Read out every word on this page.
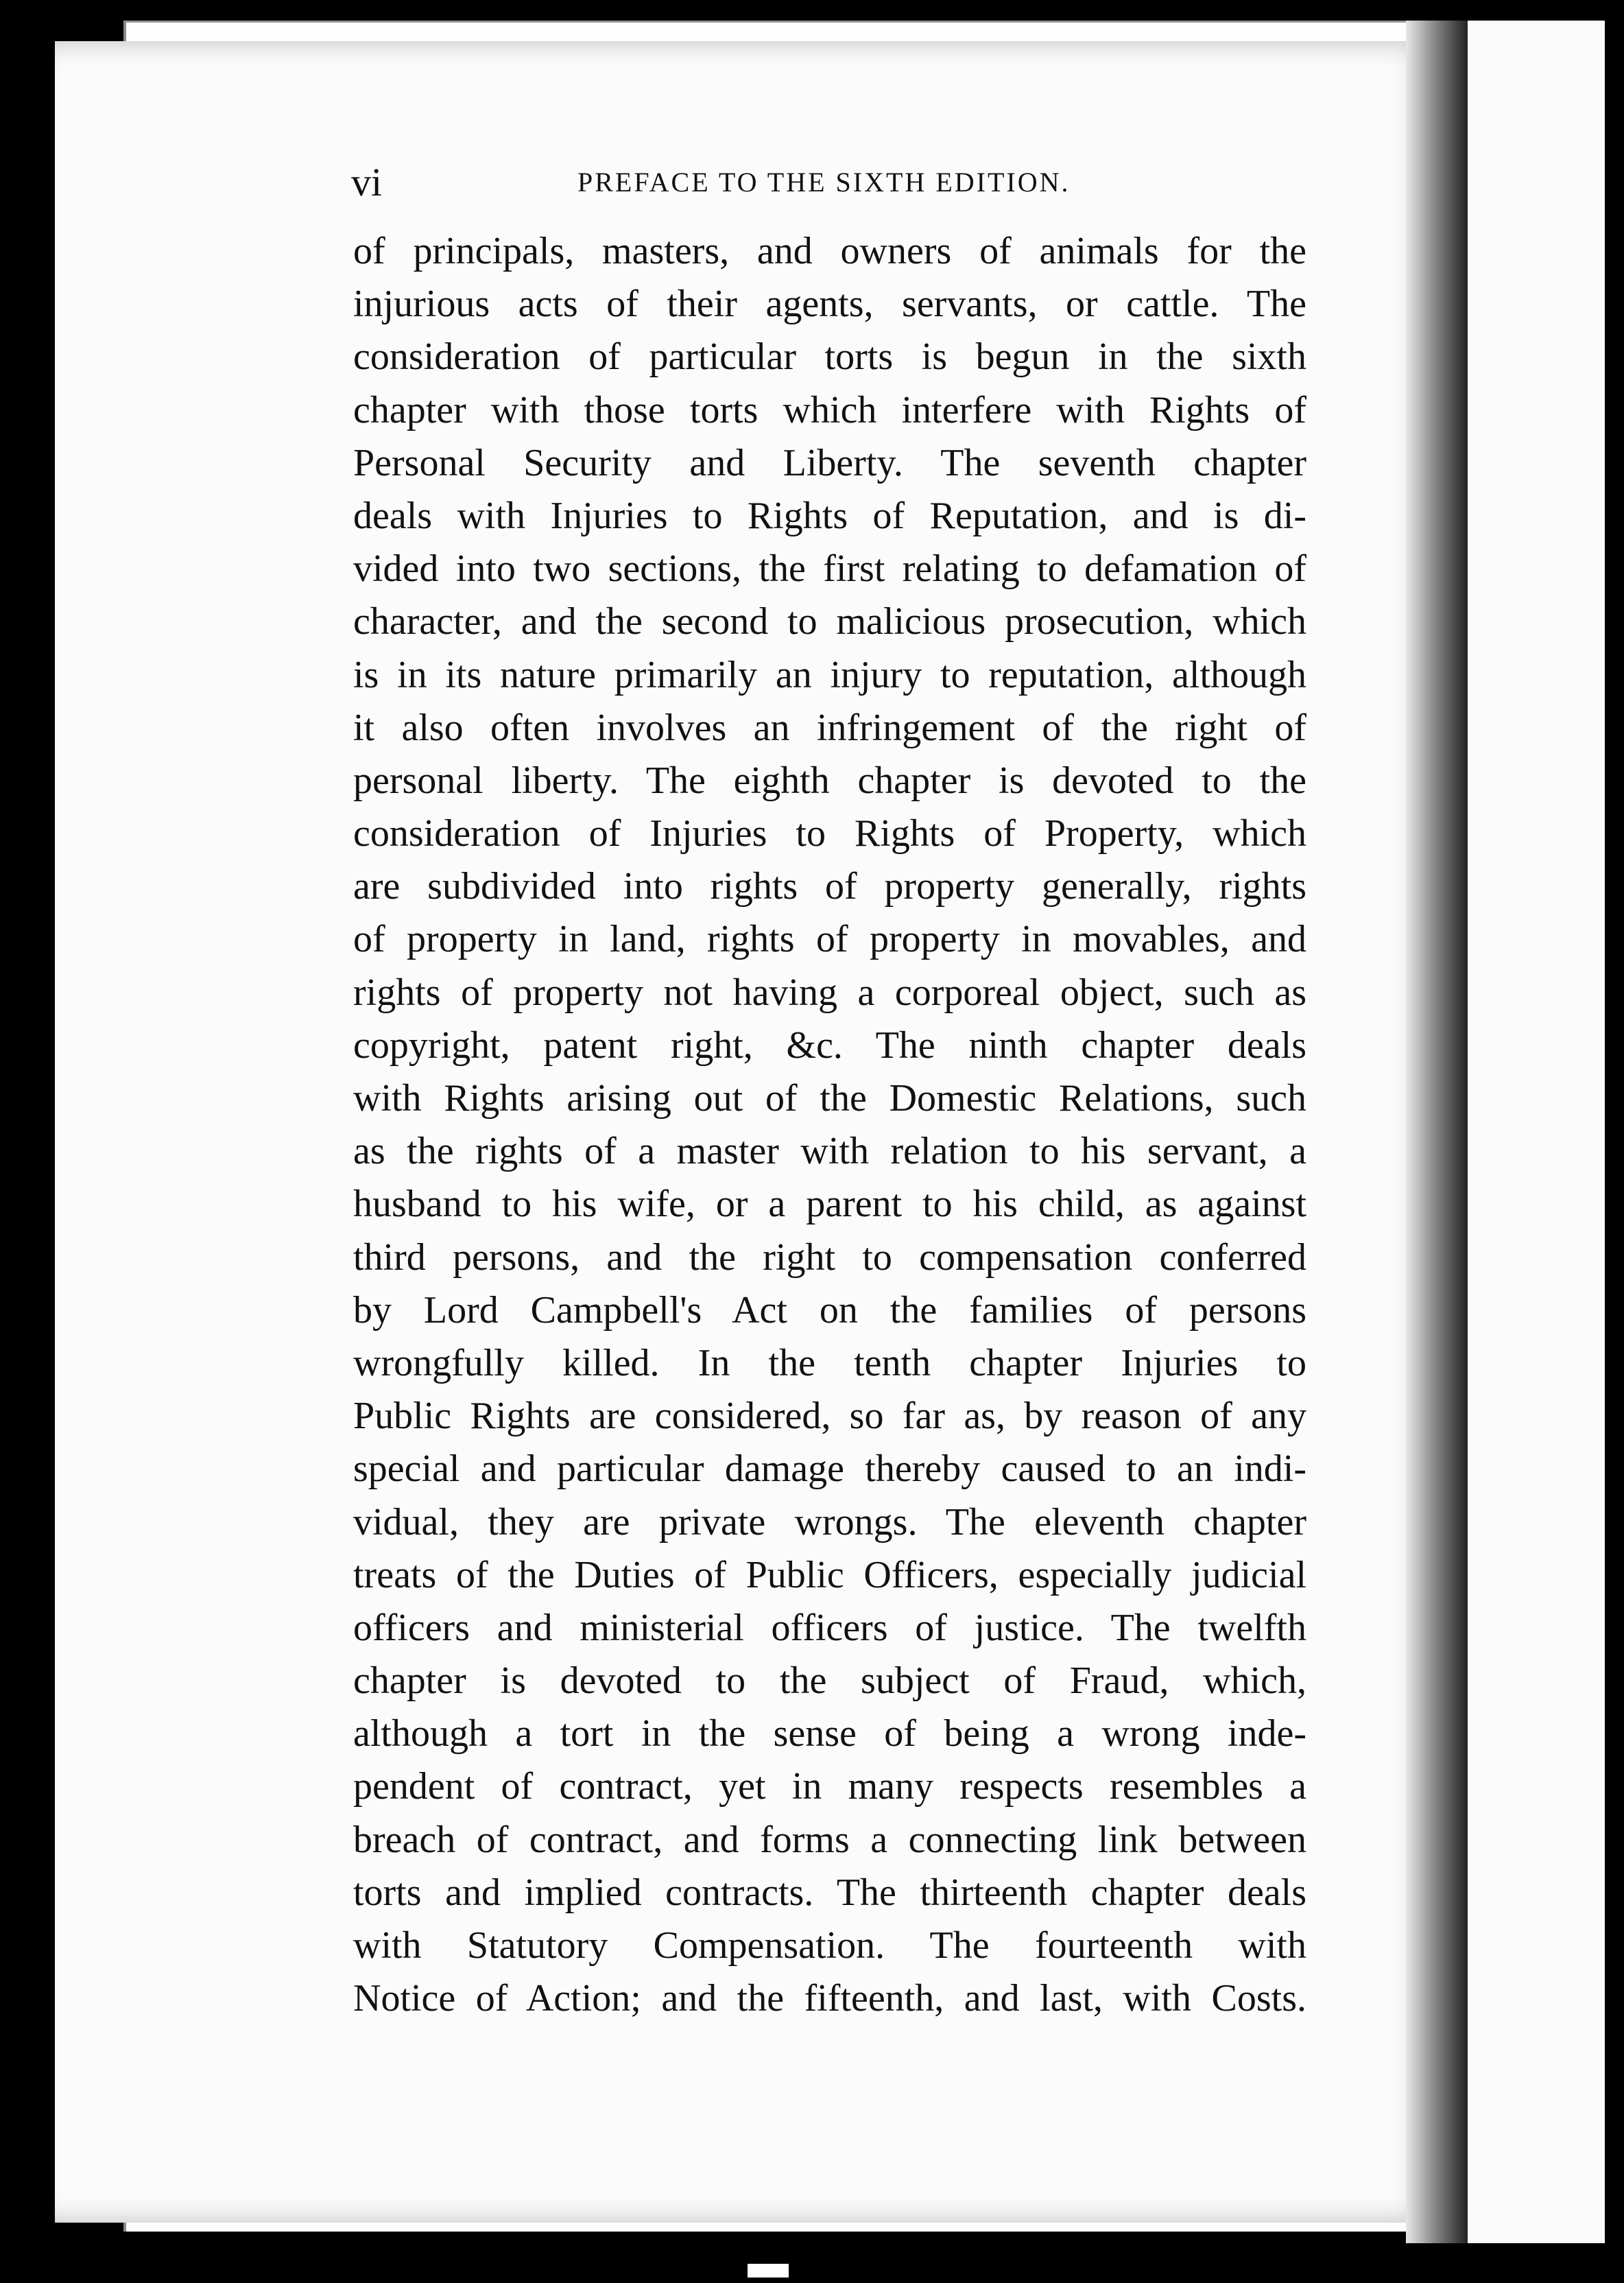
vi	PREFACE TO THE SIXTH EDITION.
of principals, masters, and owners of animals for the
injurious acts of their agents, servants, or cattle. The
consideration of particular torts is begun in the sixth
chapter with those torts which interfere with Rights of
Personal Security and Liberty. The seventh chapter
deals with Injuries to Rights of Reputation, and is di-
vided into two sections, the first relating to defamation of
character, and the second to malicious prosecution, which
is in its nature primarily an injury to reputation, although
it also often involves an infringement of the right of
personal liberty. The eighth chapter is devoted to the
consideration of Injuries to Rights of Property, which
are subdivided into rights of property generally, rights
of property in land, rights of property in movables, and
rights of property not having a corporeal object, such as
copyright, patent right, &c. The ninth chapter deals
with Rights arising out of the Domestic Relations, such
as the rights of a master with relation to his servant, a
husband to his wife, or a parent to his child, as against
third persons, and the right to compensation conferred
by Lord Campbell's Act on the families of persons
wrongfully killed. In the tenth chapter Injuries to
Public Rights are considered, so far as, by reason of any
special and particular damage thereby caused to an indi-
vidual, they are private wrongs. The eleventh chapter
treats of the Duties of Public Officers, especially judicial
officers and ministerial officers of justice. The twelfth
chapter is devoted to the subject of Fraud, which,
although a tort in the sense of being a wrong inde-
pendent of contract, yet in many respects resembles a
breach of contract, and forms a connecting link between
torts and implied contracts. The thirteenth chapter deals
with Statutory Compensation. The fourteenth with
Notice of Action; and the fifteenth, and last, with Costs.
